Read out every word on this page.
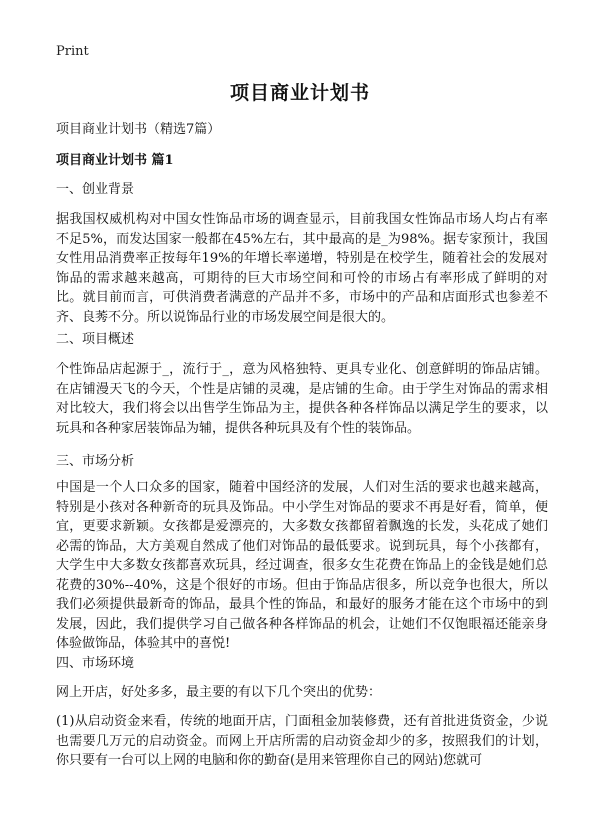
Print
项目商业计划书
项目商业计划书（精选7篇）
项目商业计划书 篇1
一、创业背景
据我国权威机构对中国女性饰品市场的调查显示，目前我国女性饰品市场人均占有率不足5%，而发达国家一般都在45%左右，其中最高的是_为98%。据专家预计，我国女性用品消费率正按每年19%的年增长率递增，特别是在校学生，随着社会的发展对饰品的需求越来越高，可期待的巨大市场空间和可怜的市场占有率形成了鲜明的对比。就目前而言，可供消费者满意的产品并不多，市场中的产品和店面形式也参差不齐、良莠不分。所以说饰品行业的市场发展空间是很大的。
二、项目概述
个性饰品店起源于_，流行于_，意为风格独特、更具专业化、创意鲜明的饰品店铺。在店铺漫天飞的今天，个性是店铺的灵魂，是店铺的生命。由于学生对饰品的需求相对比较大，我们将会以出售学生饰品为主，提供各种各样饰品以满足学生的要求，以玩具和各种家居装饰品为辅，提供各种玩具及有个性的装饰品。
三、市场分析
中国是一个人口众多的国家，随着中国经济的发展，人们对生活的要求也越来越高，特别是小孩对各种新奇的玩具及饰品。中小学生对饰品的要求不再是好看，简单，便宜，更要求新颖。女孩都是爱漂亮的，大多数女孩都留着飘逸的长发，头花成了她们必需的饰品，大方美观自然成了他们对饰品的最低要求。说到玩具，每个小孩都有，大学生中大多数女孩都喜欢玩具，经过调查，很多女生花费在饰品上的金钱是她们总花费的30%--40%，这是个很好的市场。但由于饰品店很多，所以竞争也很大，所以我们必须提供最新奇的饰品，最具个性的饰品，和最好的服务才能在这个市场中的到发展，因此，我们提供学习自己做各种各样饰品的机会，让她们不仅饱眼福还能亲身体验做饰品，体验其中的喜悦!
四、市场环境
网上开店，好处多多，最主要的有以下几个突出的优势：
(1)从启动资金来看，传统的地面开店，门面租金加装修费，还有首批进货资金，少说也需要几万元的启动资金。而网上开店所需的启动资金却少的多，按照我们的计划，你只要有一台可以上网的电脑和你的勤奋(是用来管理你自己的网站)您就可
